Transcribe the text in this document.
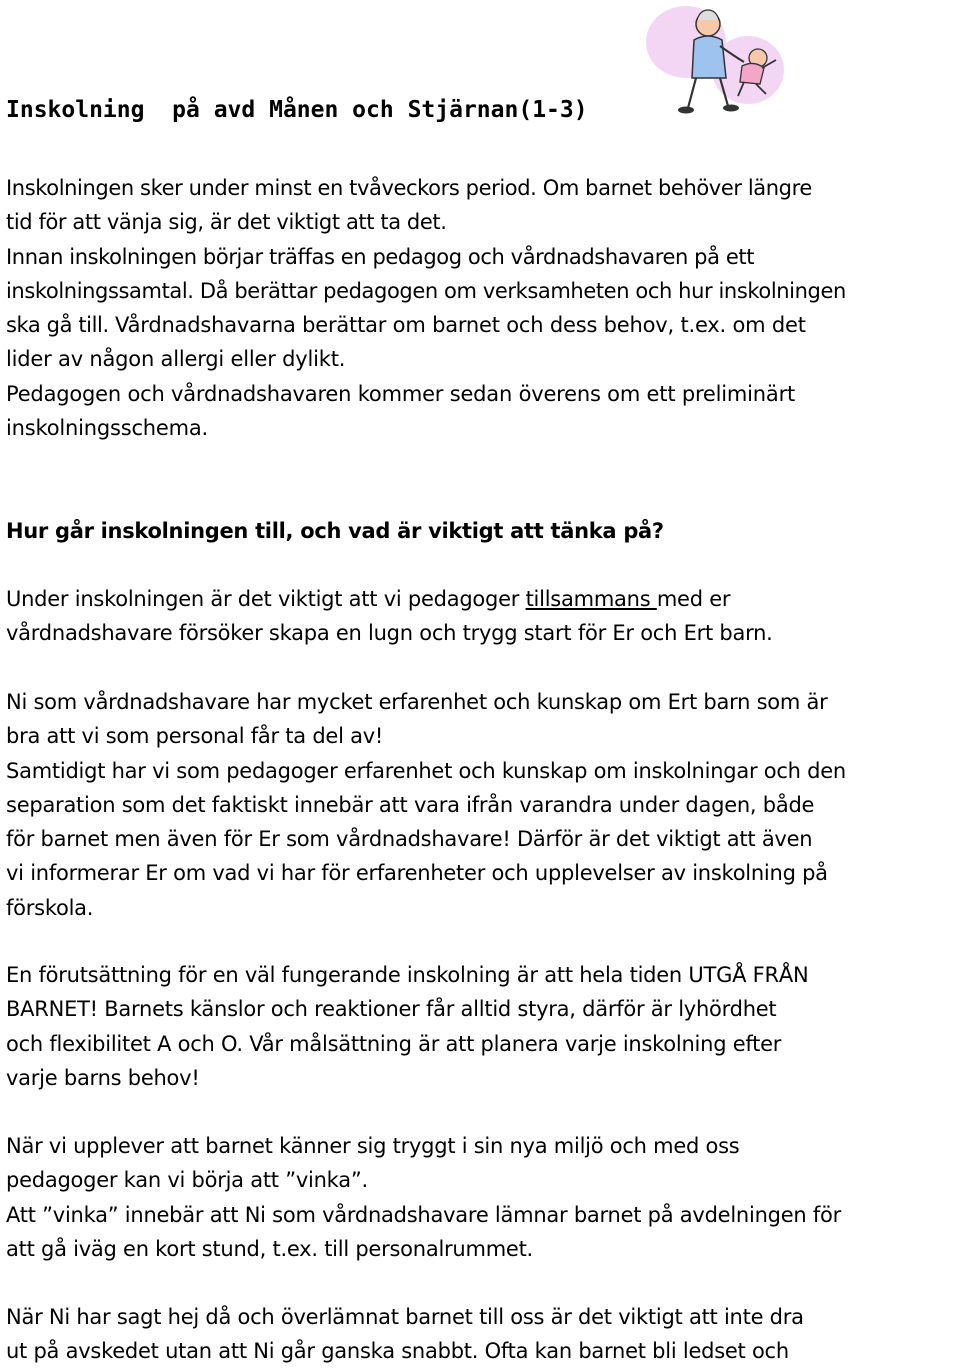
Inskolning  på avd Månen och Stjärnan(1-3)
Inskolningen sker under minst en tvåveckors period. Om barnet behöver längre
tid för att vänja sig, är det viktigt att ta det.
Innan inskolningen börjar träffas en pedagog och vårdnadshavaren på ett
inskolningssamtal. Då berättar pedagogen om verksamheten och hur inskolningen
ska gå till. Vårdnadshavarna berättar om barnet och dess behov, t.ex. om det
lider av någon allergi eller dylikt.
Pedagogen och vårdnadshavaren kommer sedan överens om ett preliminärt
inskolningsschema.
Hur går inskolningen till, och vad är viktigt att tänka på?
Under inskolningen är det viktigt att vi pedagoger tillsammans med er
vårdnadshavare försöker skapa en lugn och trygg start för Er och Ert barn.
Ni som vårdnadshavare har mycket erfarenhet och kunskap om Ert barn som är
bra att vi som personal får ta del av!
Samtidigt har vi som pedagoger erfarenhet och kunskap om inskolningar och den
separation som det faktiskt innebär att vara ifrån varandra under dagen, både
för barnet men även för Er som vårdnadshavare! Därför är det viktigt att även
vi informerar Er om vad vi har för erfarenheter och upplevelser av inskolning på
förskola.
En förutsättning för en väl fungerande inskolning är att hela tiden UTGÅ FRÅN
BARNET! Barnets känslor och reaktioner får alltid styra, därför är lyhördhet
och flexibilitet A och O. Vår målsättning är att planera varje inskolning efter
varje barns behov!
När vi upplever att barnet känner sig tryggt i sin nya miljö och med oss
pedagoger kan vi börja att ”vinka”.
Att ”vinka” innebär att Ni som vårdnadshavare lämnar barnet på avdelningen för
att gå iväg en kort stund, t.ex. till personalrummet.
När Ni har sagt hej då och överlämnat barnet till oss är det viktigt att inte dra
ut på avskedet utan att Ni går ganska snabbt. Ofta kan barnet bli ledset och
